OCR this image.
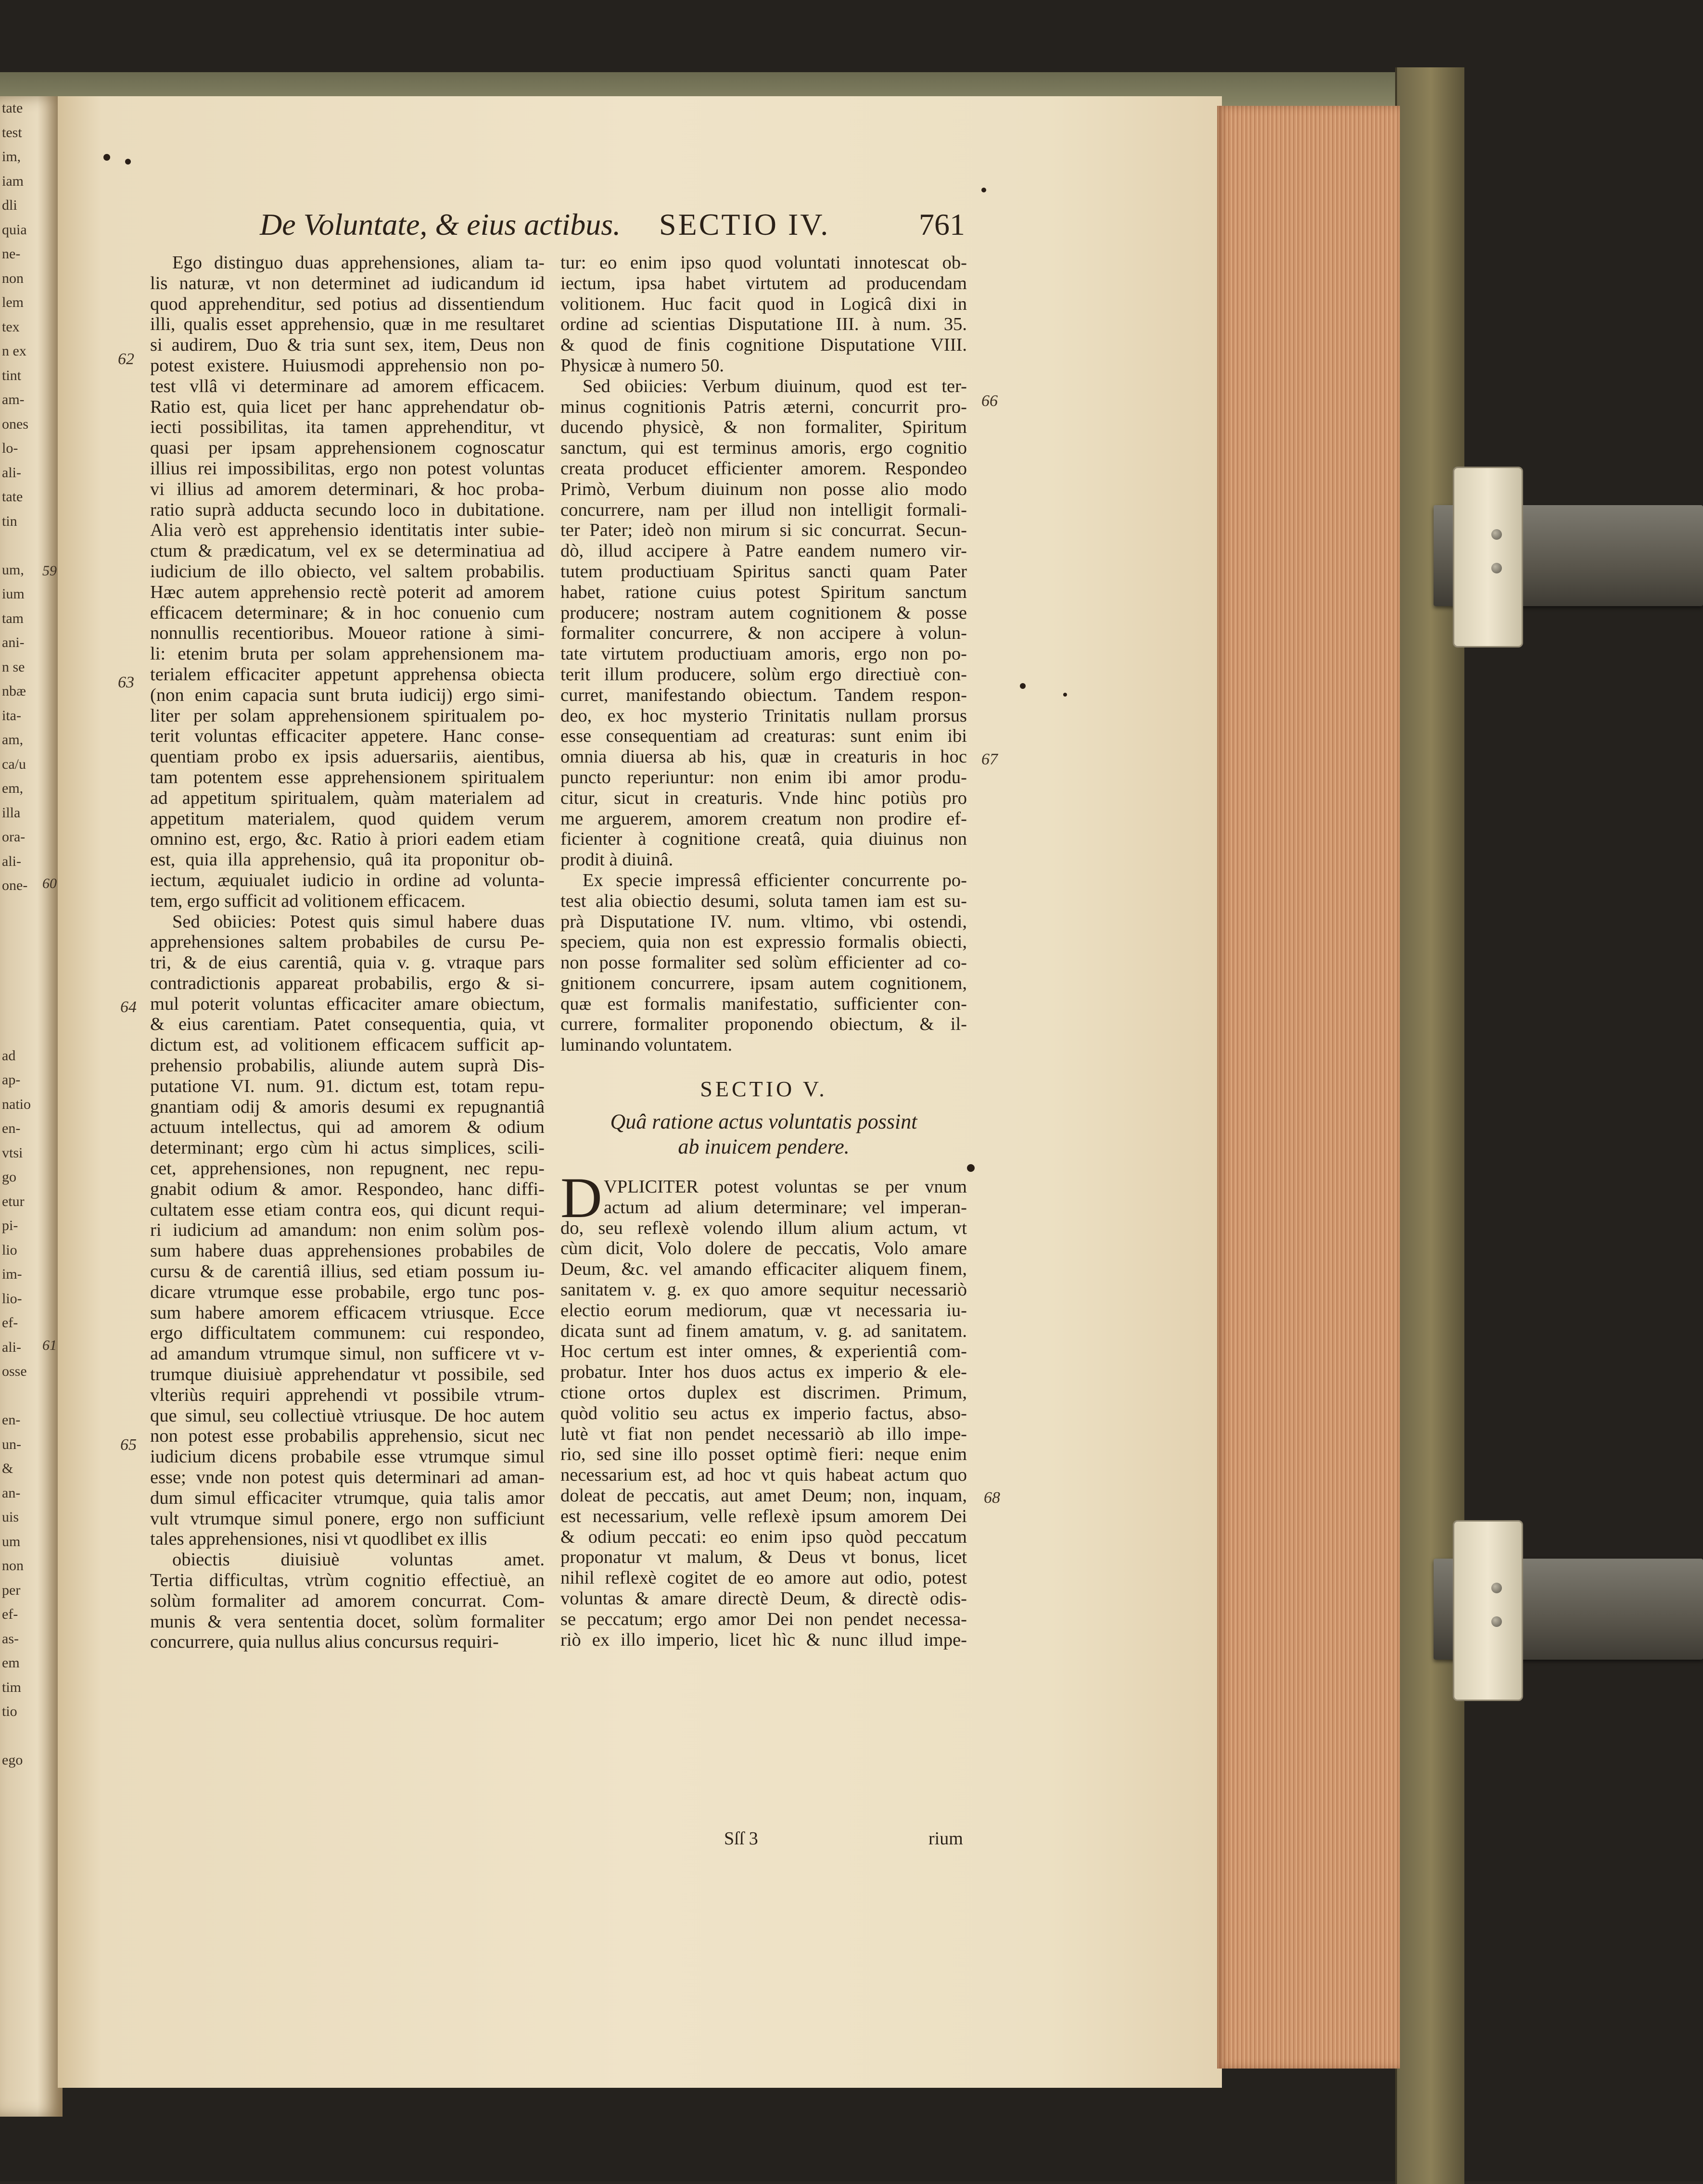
tate
test
im,
iam
dli
quia
ne-
non
lem
tex
n ex
tint
am-
ones
lo-
ali-
tate
tin
um,
ium
tam
ani-
n se
nbæ
ita-
am,
ca/u
em,
illa
ora-
ali-
one-
ad
ap-
natio
en-
vtsi
go
etur
pi-
lio
im-
lio-
ef-
ali-
osse
en-
un-
&
an-
uis
um
non
per
ef-
as-
em
tim
tio
ego
59
60
61
De Voluntate, & eius actibus. SECTIO IV.	761
Ego distinguo duas apprehensiones, aliam ta-
lis naturæ, vt non determinet ad iudicandum id
quod apprehenditur, sed potius ad dissentiendum
illi, qualis esset apprehensio, quæ in me resultaret
si audirem, Duo & tria sunt sex, item, Deus non
potest existere. Huiusmodi apprehensio non po-
test vllâ vi determinare ad amorem efficacem.
Ratio est, quia licet per hanc apprehendatur ob-
iecti possibilitas, ita tamen apprehenditur, vt
quasi per ipsam apprehensionem cognoscatur
illius rei impossibilitas, ergo non potest voluntas
vi illius ad amorem determinari, & hoc proba-
ratio suprà adducta secundo loco in dubitatione.
Alia verò est apprehensio identitatis inter subie-
ctum & prædicatum, vel ex se determinatiua ad
iudicium de illo obiecto, vel saltem probabilis.
Hæc autem apprehensio rectè poterit ad amorem
efficacem determinare; & in hoc conuenio cum
nonnullis recentioribus. Moueor ratione à simi-
li: etenim bruta per solam apprehensionem ma-
terialem efficaciter appetunt apprehensa obiecta
(non enim capacia sunt bruta iudicij) ergo simi-
liter per solam apprehensionem spiritualem po-
terit voluntas efficaciter appetere. Hanc conse-
quentiam probo ex ipsis aduersariis, aientibus,
tam potentem esse apprehensionem spiritualem
ad appetitum spiritualem, quàm materialem ad
appetitum materialem, quod quidem verum
omnino est, ergo, &c. Ratio à priori eadem etiam
est, quia illa apprehensio, quâ ita proponitur ob-
iectum, æquiualet iudicio in ordine ad volunta-
tem, ergo sufficit ad volitionem efficacem.
Sed obiicies: Potest quis simul habere duas
apprehensiones saltem probabiles de cursu Pe-
tri, & de eius carentiâ, quia v. g. vtraque pars
contradictionis appareat probabilis, ergo & si-
mul poterit voluntas efficaciter amare obiectum,
& eius carentiam. Patet consequentia, quia, vt
dictum est, ad volitionem efficacem sufficit ap-
prehensio probabilis, aliunde autem suprà Dis-
putatione VI. num. 91. dictum est, totam repu-
gnantiam odij & amoris desumi ex repugnantiâ
actuum intellectus, qui ad amorem & odium
determinant; ergo cùm hi actus simplices, scili-
cet, apprehensiones, non repugnent, nec repu-
gnabit odium & amor. Respondeo, hanc diffi-
cultatem esse etiam contra eos, qui dicunt requi-
ri iudicium ad amandum: non enim solùm pos-
sum habere duas apprehensiones probabiles de
cursu & de carentiâ illius, sed etiam possum iu-
dicare vtrumque esse probabile, ergo tunc pos-
sum habere amorem efficacem vtriusque. Ecce
ergo difficultatem communem: cui respondeo,
ad amandum vtrumque simul, non sufficere vt v-
trumque diuisiuè apprehendatur vt possibile, sed
vlteriùs requiri apprehendi vt possibile vtrum-
que simul, seu collectiuè vtriusque. De hoc autem
non potest esse probabilis apprehensio, sicut nec
iudicium dicens probabile esse vtrumque simul
esse; vnde non potest quis determinari ad aman-
dum simul efficaciter vtrumque, quia talis amor
vult vtrumque simul ponere, ergo non sufficiunt
tales apprehensiones, nisi vt quodlibet ex illis
obiectis diuisiuè voluntas amet.
Tertia difficultas, vtrùm cognitio effectiuè, an
solùm formaliter ad amorem concurrat. Com-
munis & vera sententia docet, solùm formaliter
concurrere, quia nullus alius concursus requiri-
tur: eo enim ipso quod voluntati innotescat ob-
iectum, ipsa habet virtutem ad producendam
volitionem. Huc facit quod in Logicâ dixi in
ordine ad scientias Disputatione III. à num. 35.
& quod de finis cognitione Disputatione VIII.
Physicæ à numero 50.
Sed obiicies: Verbum diuinum, quod est ter-
minus cognitionis Patris æterni, concurrit pro-
ducendo physicè, & non formaliter, Spiritum
sanctum, qui est terminus amoris, ergo cognitio
creata producet efficienter amorem. Respondeo
Primò, Verbum diuinum non posse alio modo
concurrere, nam per illud non intelligit formali-
ter Pater; ideò non mirum si sic concurrat. Secun-
dò, illud accipere à Patre eandem numero vir-
tutem productiuam Spiritus sancti quam Pater
habet, ratione cuius potest Spiritum sanctum
producere; nostram autem cognitionem & posse
formaliter concurrere, & non accipere à volun-
tate virtutem productiuam amoris, ergo non po-
terit illum producere, solùm ergo directiuè con-
curret, manifestando obiectum. Tandem respon-
deo, ex hoc mysterio Trinitatis nullam prorsus
esse consequentiam ad creaturas: sunt enim ibi
omnia diuersa ab his, quæ in creaturis in hoc
puncto reperiuntur: non enim ibi amor produ-
citur, sicut in creaturis. Vnde hinc potiùs pro
me arguerem, amorem creatum non prodire ef-
ficienter à cognitione creatâ, quia diuinus non
prodit à diuinâ.
Ex specie impressâ efficienter concurrente po-
test alia obiectio desumi, soluta tamen iam est su-
prà Disputatione IV. num. vltimo, vbi ostendi,
speciem, quia non est expressio formalis obiecti,
non posse formaliter sed solùm efficienter ad co-
gnitionem concurrere, ipsam autem cognitionem,
quæ est formalis manifestatio, sufficienter con-
currere, formaliter proponendo obiectum, & il-
luminando voluntatem.
SECTIO V.
Quâ ratione actus voluntatis possint
ab inuicem pendere.
D VPLICITER potest voluntas se per vnum
actum ad alium determinare; vel imperan-
do, seu reflexè volendo illum alium actum, vt
cùm dicit, Volo dolere de peccatis, Volo amare
Deum, &c. vel amando efficaciter aliquem finem,
sanitatem v. g. ex quo amore sequitur necessariò
electio eorum mediorum, quæ vt necessaria iu-
dicata sunt ad finem amatum, v. g. ad sanitatem.
Hoc certum est inter omnes, & experientiâ com-
probatur. Inter hos duos actus ex imperio & ele-
ctione ortos duplex est discrimen. Primum,
quòd volitio seu actus ex imperio factus, abso-
lutè vt fiat non pendet necessariò ab illo impe-
rio, sed sine illo posset optimè fieri: neque enim
necessarium est, ad hoc vt quis habeat actum quo
doleat de peccatis, aut amet Deum; non, inquam,
est necessarium, velle reflexè ipsum amorem Dei
& odium peccati: eo enim ipso quòd peccatum
proponatur vt malum, & Deus vt bonus, licet
nihil reflexè cogitet de eo amore aut odio, potest
voluntas & amare directè Deum, & directè odis-
se peccatum; ergo amor Dei non pendet necessa-
riò ex illo imperio, licet hìc & nunc illud impe-
62
63
64
65
66
67
68
Sſſ 3	rium
